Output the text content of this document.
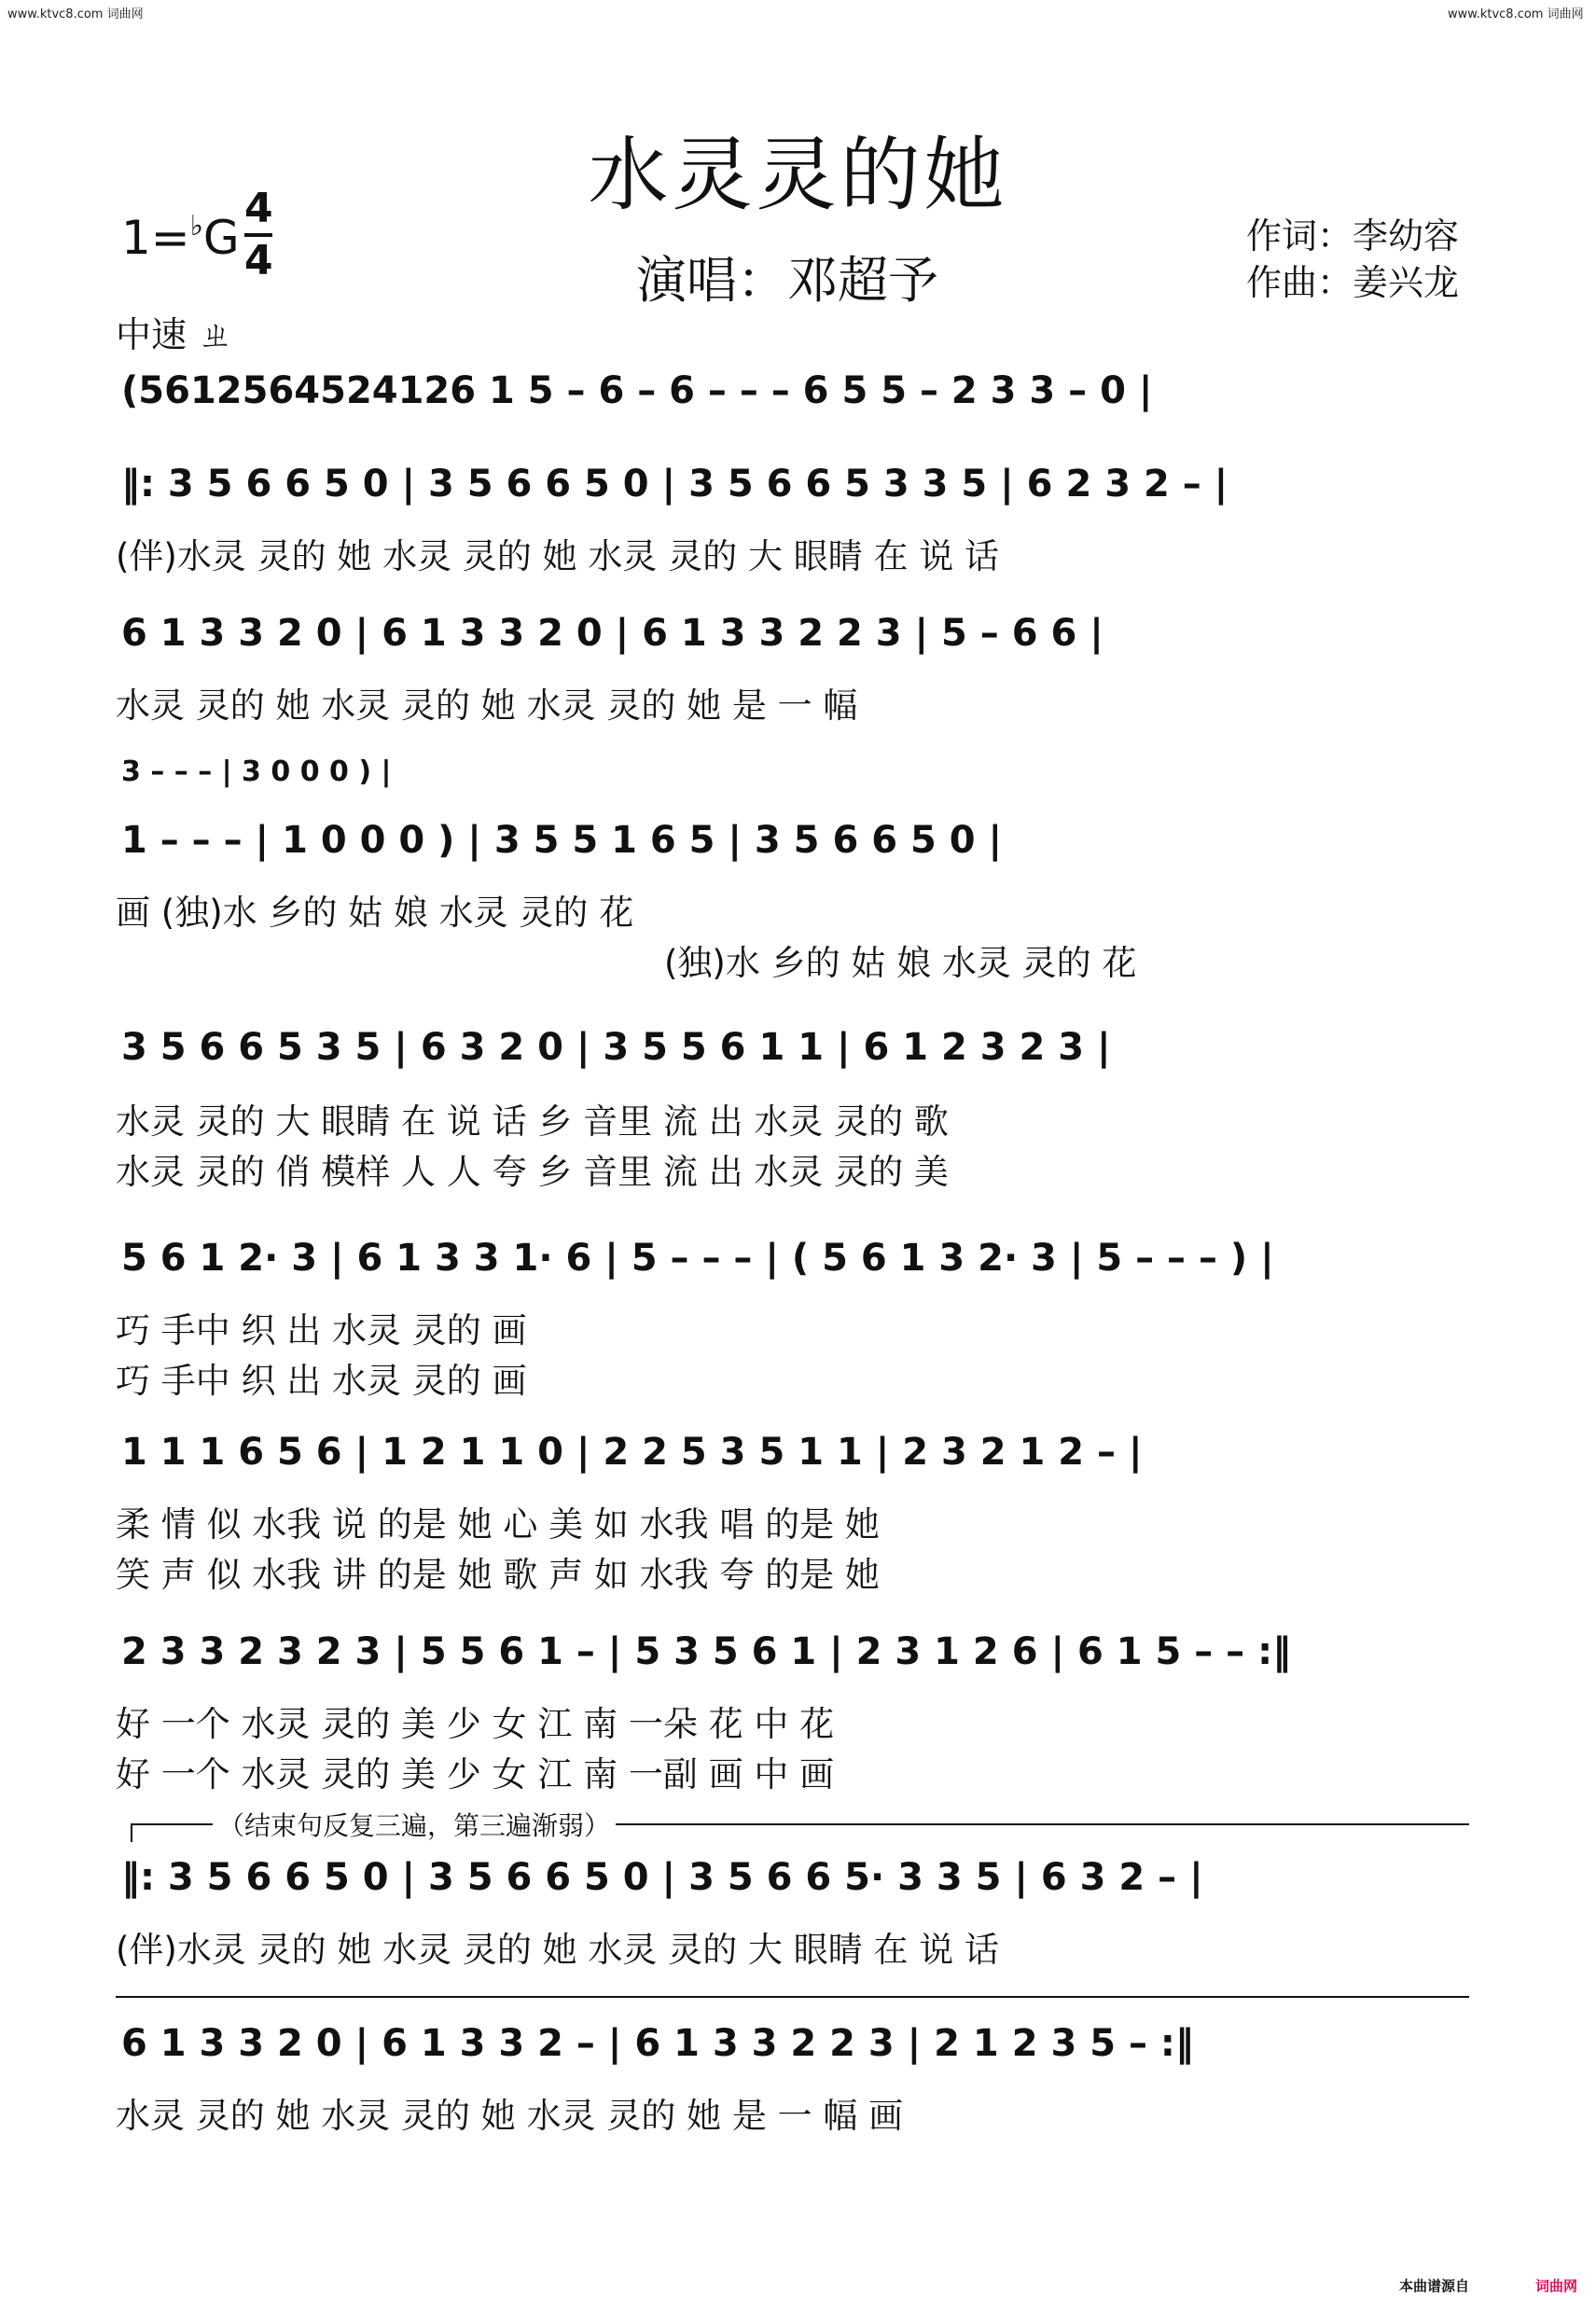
www.ktvc8.com 词曲网	www.ktvc8.com 词曲网
水灵灵的她
演唱：邓超予
作词：李幼容
作曲：姜兴龙
1=♭G
4
4
中速 ㄓ
(5612564524126 1 5 – 6 – 6 – – – 6 5 5 – 2 3 3 – 0 |
‖: 3 5 6 6 5 0 | 3 5 6 6 5 0 | 3 5 6 6 5 3 3 5 | 6 2 3 2 – |
(伴)水灵 灵的 她 水灵 灵的 她 水灵 灵的 大 眼睛 在 说 话
6 1 3 3 2 0 | 6 1 3 3 2 0 | 6 1 3 3 2 2 3 | 5 – 6 6 |
水灵 灵的 她 水灵 灵的 她 水灵 灵的 她 是 一 幅
3 – – – | 3 0 0 0 ) |
1 – – – | 1 0 0 0 ) | 3 5 5 1 6 5 | 3 5 6 6 5 0 |
画 (独)水 乡的 姑 娘 水灵 灵的 花
(独)水 乡的 姑 娘 水灵 灵的 花
3 5 6 6 5 3 5 | 6 3 2 0 | 3 5 5 6 1 1 | 6 1 2 3 2 3 |
水灵 灵的 大 眼睛 在 说 话 乡 音里 流 出 水灵 灵的 歌
水灵 灵的 俏 模样 人 人 夸 乡 音里 流 出 水灵 灵的 美
5 6 1 2· 3 | 6 1 3 3 1· 6 | 5 – – – | ( 5 6 1 3 2· 3 | 5 – – – ) |
巧 手中 织 出 水灵 灵的 画
巧 手中 织 出 水灵 灵的 画
1 1 1 6 5 6 | 1 2 1 1 0 | 2 2 5 3 5 1 1 | 2 3 2 1 2 – |
柔 情 似 水我 说 的是 她 心 美 如 水我 唱 的是 她
笑 声 似 水我 讲 的是 她 歌 声 如 水我 夸 的是 她
2 3 3 2 3 2 3 | 5 5 6 1 – | 5 3 5 6 1 | 2 3 1 2 6 | 6 1 5 – – :‖
好 一个 水灵 灵的 美 少 女 江 南 一朵 花 中 花
好 一个 水灵 灵的 美 少 女 江 南 一副 画 中 画
（结束句反复三遍，第三遍渐弱）
‖: 3 5 6 6 5 0 | 3 5 6 6 5 0 | 3 5 6 6 5· 3 3 5 | 6 3 2 – |
(伴)水灵 灵的 她 水灵 灵的 她 水灵 灵的 大 眼睛 在 说 话
6 1 3 3 2 0 | 6 1 3 3 2 – | 6 1 3 3 2 2 3 | 2 1 2 3 5 – :‖
水灵 灵的 她 水灵 灵的 她 水灵 灵的 她 是 一 幅 画
本曲谱源自	词曲网
